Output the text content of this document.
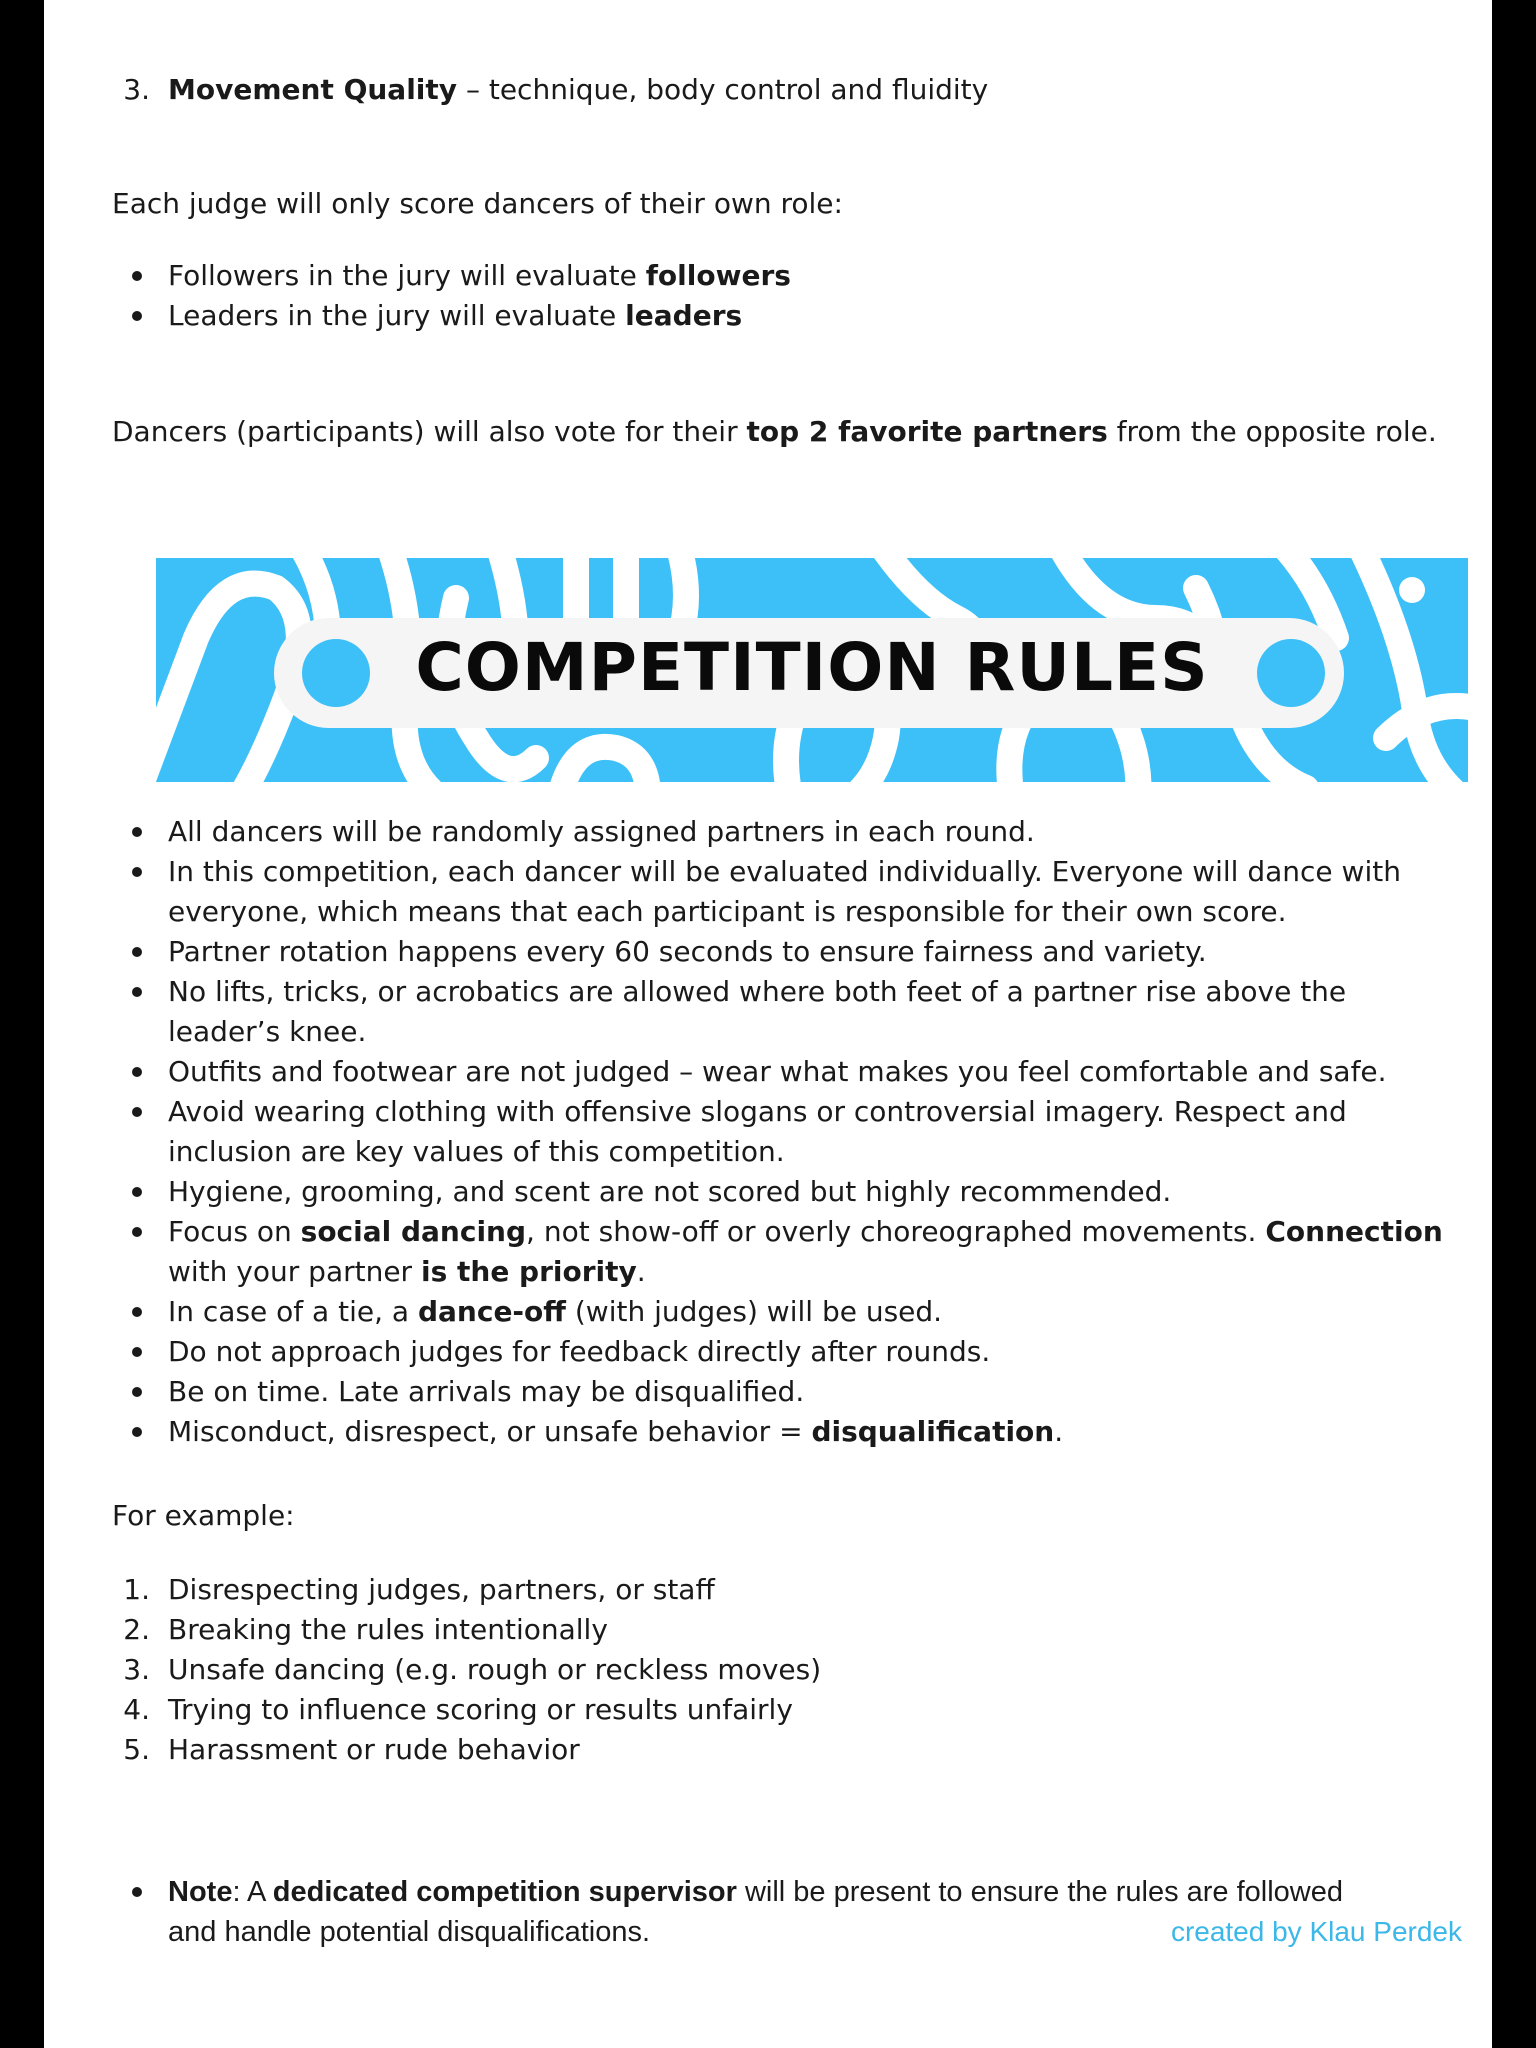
3. Movement Quality – technique, body control and fluidity
Each judge will only score dancers of their own role:
Followers in the jury will evaluate followers
Leaders in the jury will evaluate leaders
Dancers (participants) will also vote for their top 2 favorite partners from the opposite role.
COMPETITION RULES
All dancers will be randomly assigned partners in each round.
In this competition, each dancer will be evaluated individually. Everyone will dance with
everyone, which means that each participant is responsible for their own score.
Partner rotation happens every 60 seconds to ensure fairness and variety.
No lifts, tricks, or acrobatics are allowed where both feet of a partner rise above the
leader’s knee.
Outfits and footwear are not judged – wear what makes you feel comfortable and safe.
Avoid wearing clothing with offensive slogans or controversial imagery. Respect and
inclusion are key values of this competition.
Hygiene, grooming, and scent are not scored but highly recommended.
Focus on social dancing, not show-off or overly choreographed movements. Connection
with your partner is the priority.
In case of a tie, a dance-off (with judges) will be used.
Do not approach judges for feedback directly after rounds.
Be on time. Late arrivals may be disqualified.
Misconduct, disrespect, or unsafe behavior = disqualification.
For example:
1. Disrespecting judges, partners, or staff
2. Breaking the rules intentionally
3. Unsafe dancing (e.g. rough or reckless moves)
4. Trying to influence scoring or results unfairly
5. Harassment or rude behavior
Note: A dedicated competition supervisor will be present to ensure the rules are followed
and handle potential disqualifications.	created by Klau Perdek
